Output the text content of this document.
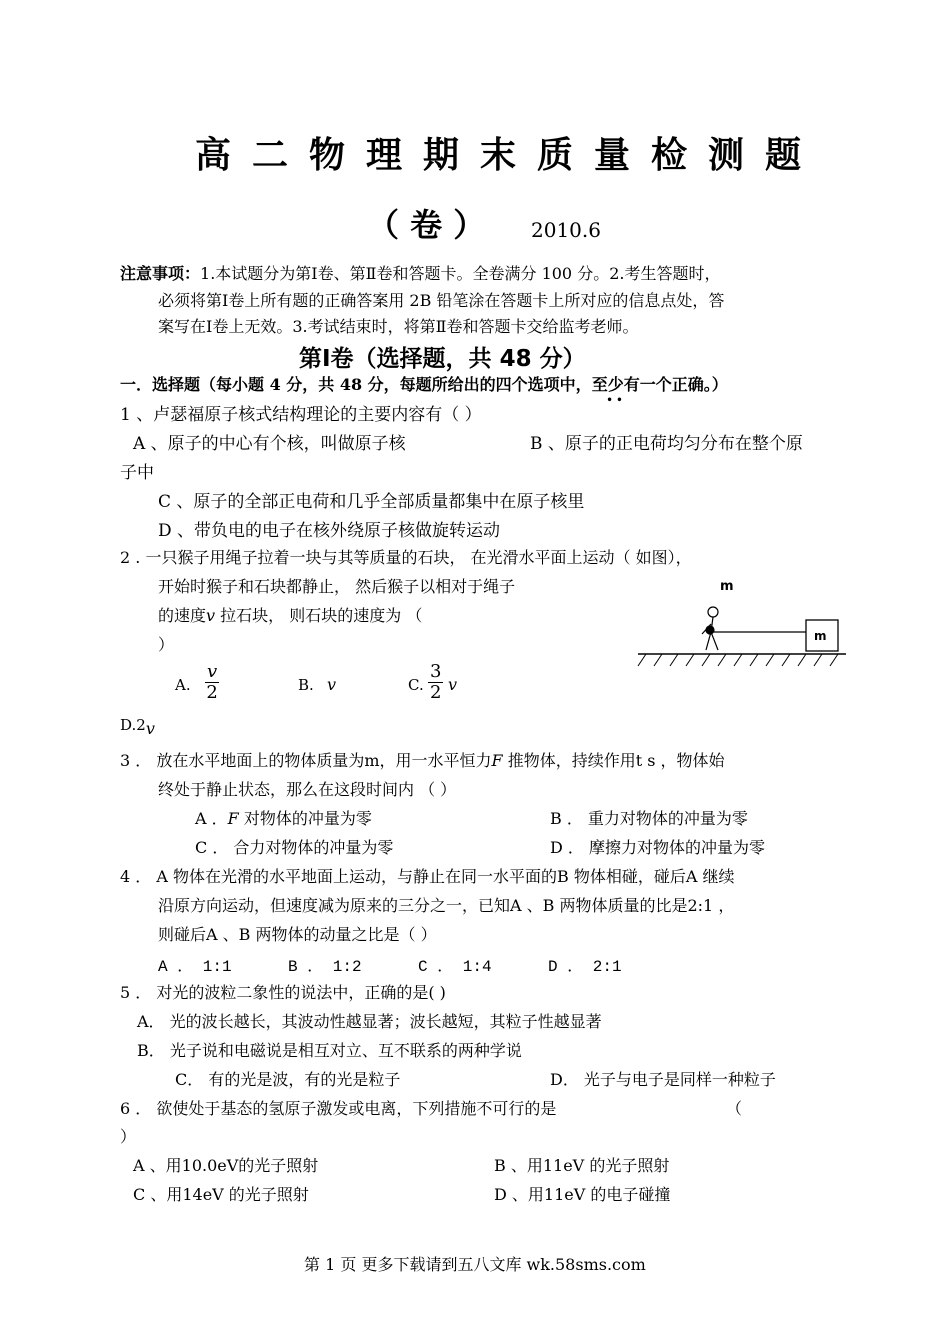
高二物理期末质量检测题
（ 卷 ） 2010.6
注意事项：1.本试题分为第Ⅰ卷、第Ⅱ卷和答题卡。全卷满分 100 分。2.考生答题时，
必须将第Ⅰ卷上所有题的正确答案用 2B 铅笔涂在答题卡上所对应的信息点处，答
案写在Ⅰ卷上无效。3.考试结束时，将第Ⅱ卷和答题卡交给监考老师。
第Ⅰ卷（选择题，共 48 分）
一．选择题（每小题 4 分，共 48 分，每题所给出的四个选项中，至少
• •
有一个正确。）
1 、卢瑟福原子核式结构理论的主要内容有（ ）
A 、原子的中心有个核，叫做原子核	B 、原子的正电荷均匀分布在整个原
子中
C 、原子的全部正电荷和几乎全部质量都集中在原子核里
D 、带负电的电子在核外绕原子核做旋转运动
2 . 一只猴子用绳子拉着一块与其等质量的石块， 在光滑水平面上运动（ 如图），
开始时猴子和石块都静止， 然后猴子以相对于绳子
的速度v 拉石块， 则石块的速度为 （
）
m
m
A. $\frac{v}{2}$	B. v	C. $\frac{3}{2}$ v
D.2v
3 ． 放在水平地面上的物体质量为m，用一水平恒力F 推物体，持续作用t s ，物体始
终处于静止状态，那么在这段时间内 （ ）
A ．F 对物体的冲量为零	B ． 重力对物体的冲量为零
C ． 合力对物体的冲量为零	D ． 摩擦力对物体的冲量为零
4 ． A 物体在光滑的水平地面上运动，与静止在同一水平面的B 物体相碰，碰后A 继续
沿原方向运动，但速度减为原来的三分之一，已知A 、B 两物体质量的比是2:1 ，
则碰后A 、B 两物体的动量之比是（ ）
A ． 1:1	B ． 1:2	C ． 1:4	D ． 2:1
5 ． 对光的波粒二象性的说法中，正确的是( )
A． 光的波长越长，其波动性越显著；波长越短，其粒子性越显著
B． 光子说和电磁说是相互对立、互不联系的两种学说
C． 有的光是波，有的光是粒子	D． 光子与电子是同样一种粒子
6 ． 欲使处于基态的氢原子激发或电离，下列措施不可行的是	（
）
A 、用10.0eV的光子照射	B 、用11eV 的光子照射
C 、用14eV 的光子照射	D 、用11eV 的电子碰撞
第 1 页 更多下载请到五八文库 wk.58sms.com
